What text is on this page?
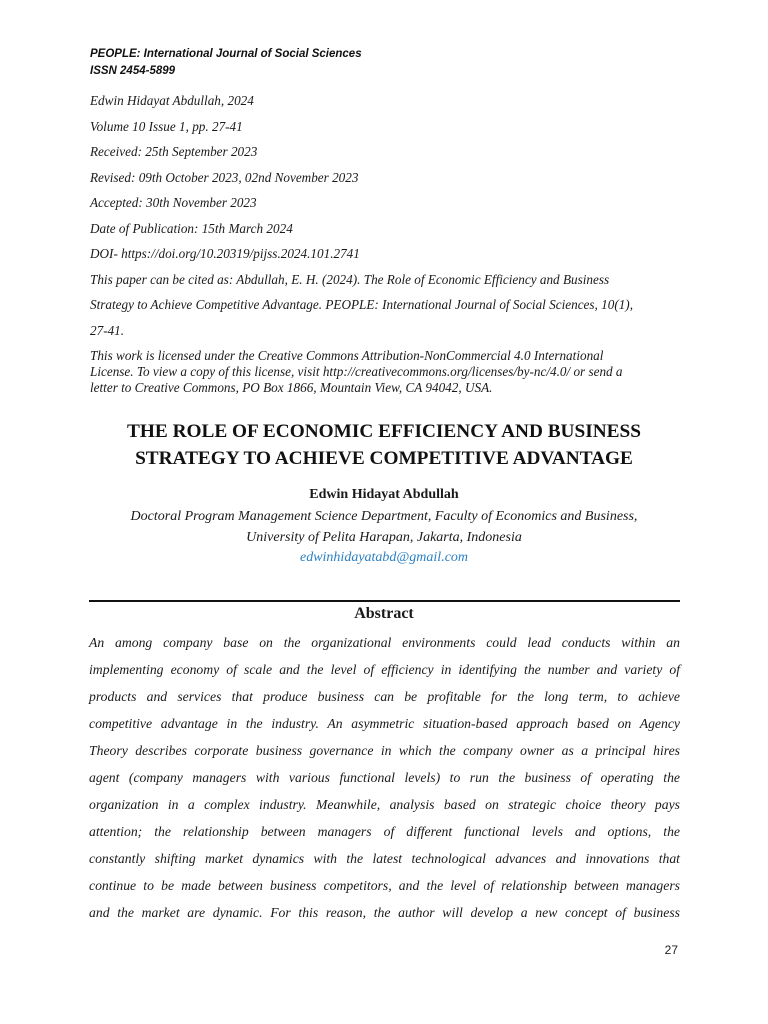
PEOPLE: International Journal of Social Sciences
ISSN 2454-5899
Edwin Hidayat Abdullah, 2024
Volume 10 Issue 1, pp. 27-41
Received: 25th September 2023
Revised: 09th October 2023, 02nd November 2023
Accepted: 30th November 2023
Date of Publication: 15th March 2024
DOI- https://doi.org/10.20319/pijss.2024.101.2741
This paper can be cited as: Abdullah, E. H. (2024). The Role of Economic Efficiency and Business
Strategy to Achieve Competitive Advantage. PEOPLE: International Journal of Social Sciences, 10(1),
27-41.
This work is licensed under the Creative Commons Attribution-NonCommercial 4.0 International
License. To view a copy of this license, visit http://creativecommons.org/licenses/by-nc/4.0/ or send a
letter to Creative Commons, PO Box 1866, Mountain View, CA 94042, USA.
THE ROLE OF ECONOMIC EFFICIENCY AND BUSINESS
STRATEGY TO ACHIEVE COMPETITIVE ADVANTAGE
Edwin Hidayat Abdullah
Doctoral Program Management Science Department, Faculty of Economics and Business,
University of Pelita Harapan, Jakarta, Indonesia
edwinhidayatabd@gmail.com
Abstract
An among company base on the organizational environments could lead conducts within an
implementing economy of scale and the level of efficiency in identifying the number and variety of
products and services that produce business can be profitable for the long term, to achieve
competitive advantage in the industry. An asymmetric situation-based approach based on Agency
Theory describes corporate business governance in which the company owner as a principal hires
agent (company managers with various functional levels) to run the business of operating the
organization in a complex industry. Meanwhile, analysis based on strategic choice theory pays
attention; the relationship between managers of different functional levels and options, the
constantly shifting market dynamics with the latest technological advances and innovations that
continue to be made between business competitors, and the level of relationship between managers
and the market are dynamic. For this reason, the author will develop a new concept of business
27
